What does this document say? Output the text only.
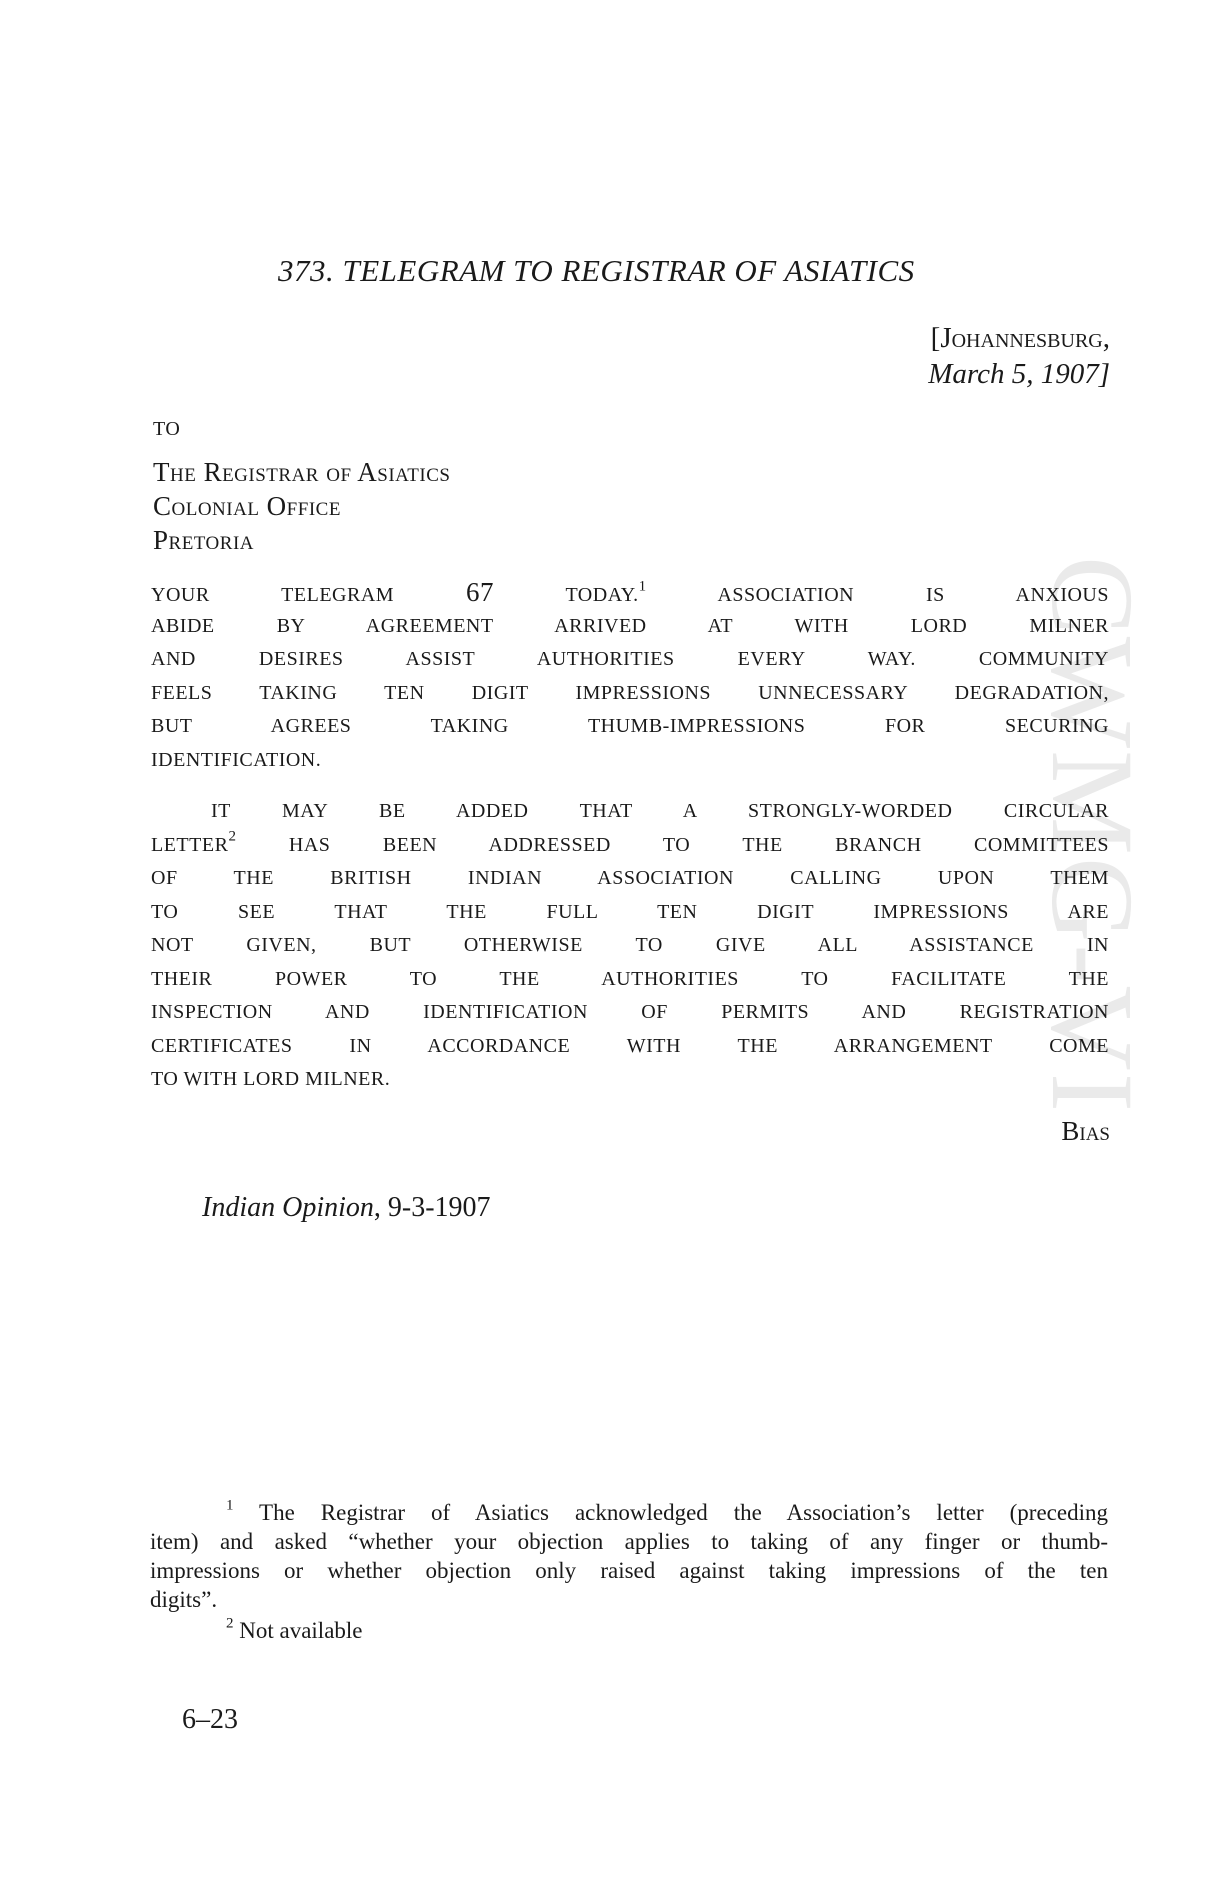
CWMG-VI
373. TELEGRAM TO REGISTRAR OF ASIATICS
[Johannesburg,
March 5, 1907]
TO
The Registrar of Asiatics
Colonial Office
Pretoria
YOUR TELEGRAM	67	TODAY.$^1$	ASSOCIATION IS ANXIOUS
ABIDE BY AGREEMENT ARRIVED AT WITH LORD MILNER
AND DESIRES ASSIST AUTHORITIES EVERY WAY. COMMUNITY
FEELS TAKING TEN DIGIT IMPRESSIONS UNNECESSARY DEGRADATION,
BUT AGREES TAKING THUMB-IMPRESSIONS FOR SECURING
IDENTIFICATION.
IT MAY BE ADDED THAT A STRONGLY-WORDED CIRCULAR
LETTER$^2$	HAS BEEN ADDRESSED TO THE BRANCH COMMITTEES
OF THE BRITISH INDIAN ASSOCIATION CALLING UPON THEM
TO SEE THAT THE FULL TEN DIGIT IMPRESSIONS ARE
NOT GIVEN, BUT OTHERWISE TO GIVE ALL ASSISTANCE IN
THEIR POWER TO THE AUTHORITIES TO FACILITATE THE
INSPECTION AND IDENTIFICATION OF PERMITS AND REGISTRATION
CERTIFICATES IN ACCORDANCE WITH THE ARRANGEMENT COME
TO WITH LORD MILNER.
Bias
Indian Opinion, 9-3-1907
$^1$ The Registrar of Asiatics acknowledged the Association’s letter (preceding
item) and asked “whether your objection applies to taking of any finger or thumb-
impressions or whether objection only raised against taking impressions of the ten
digits”.
$^2$ Not available
6–23
